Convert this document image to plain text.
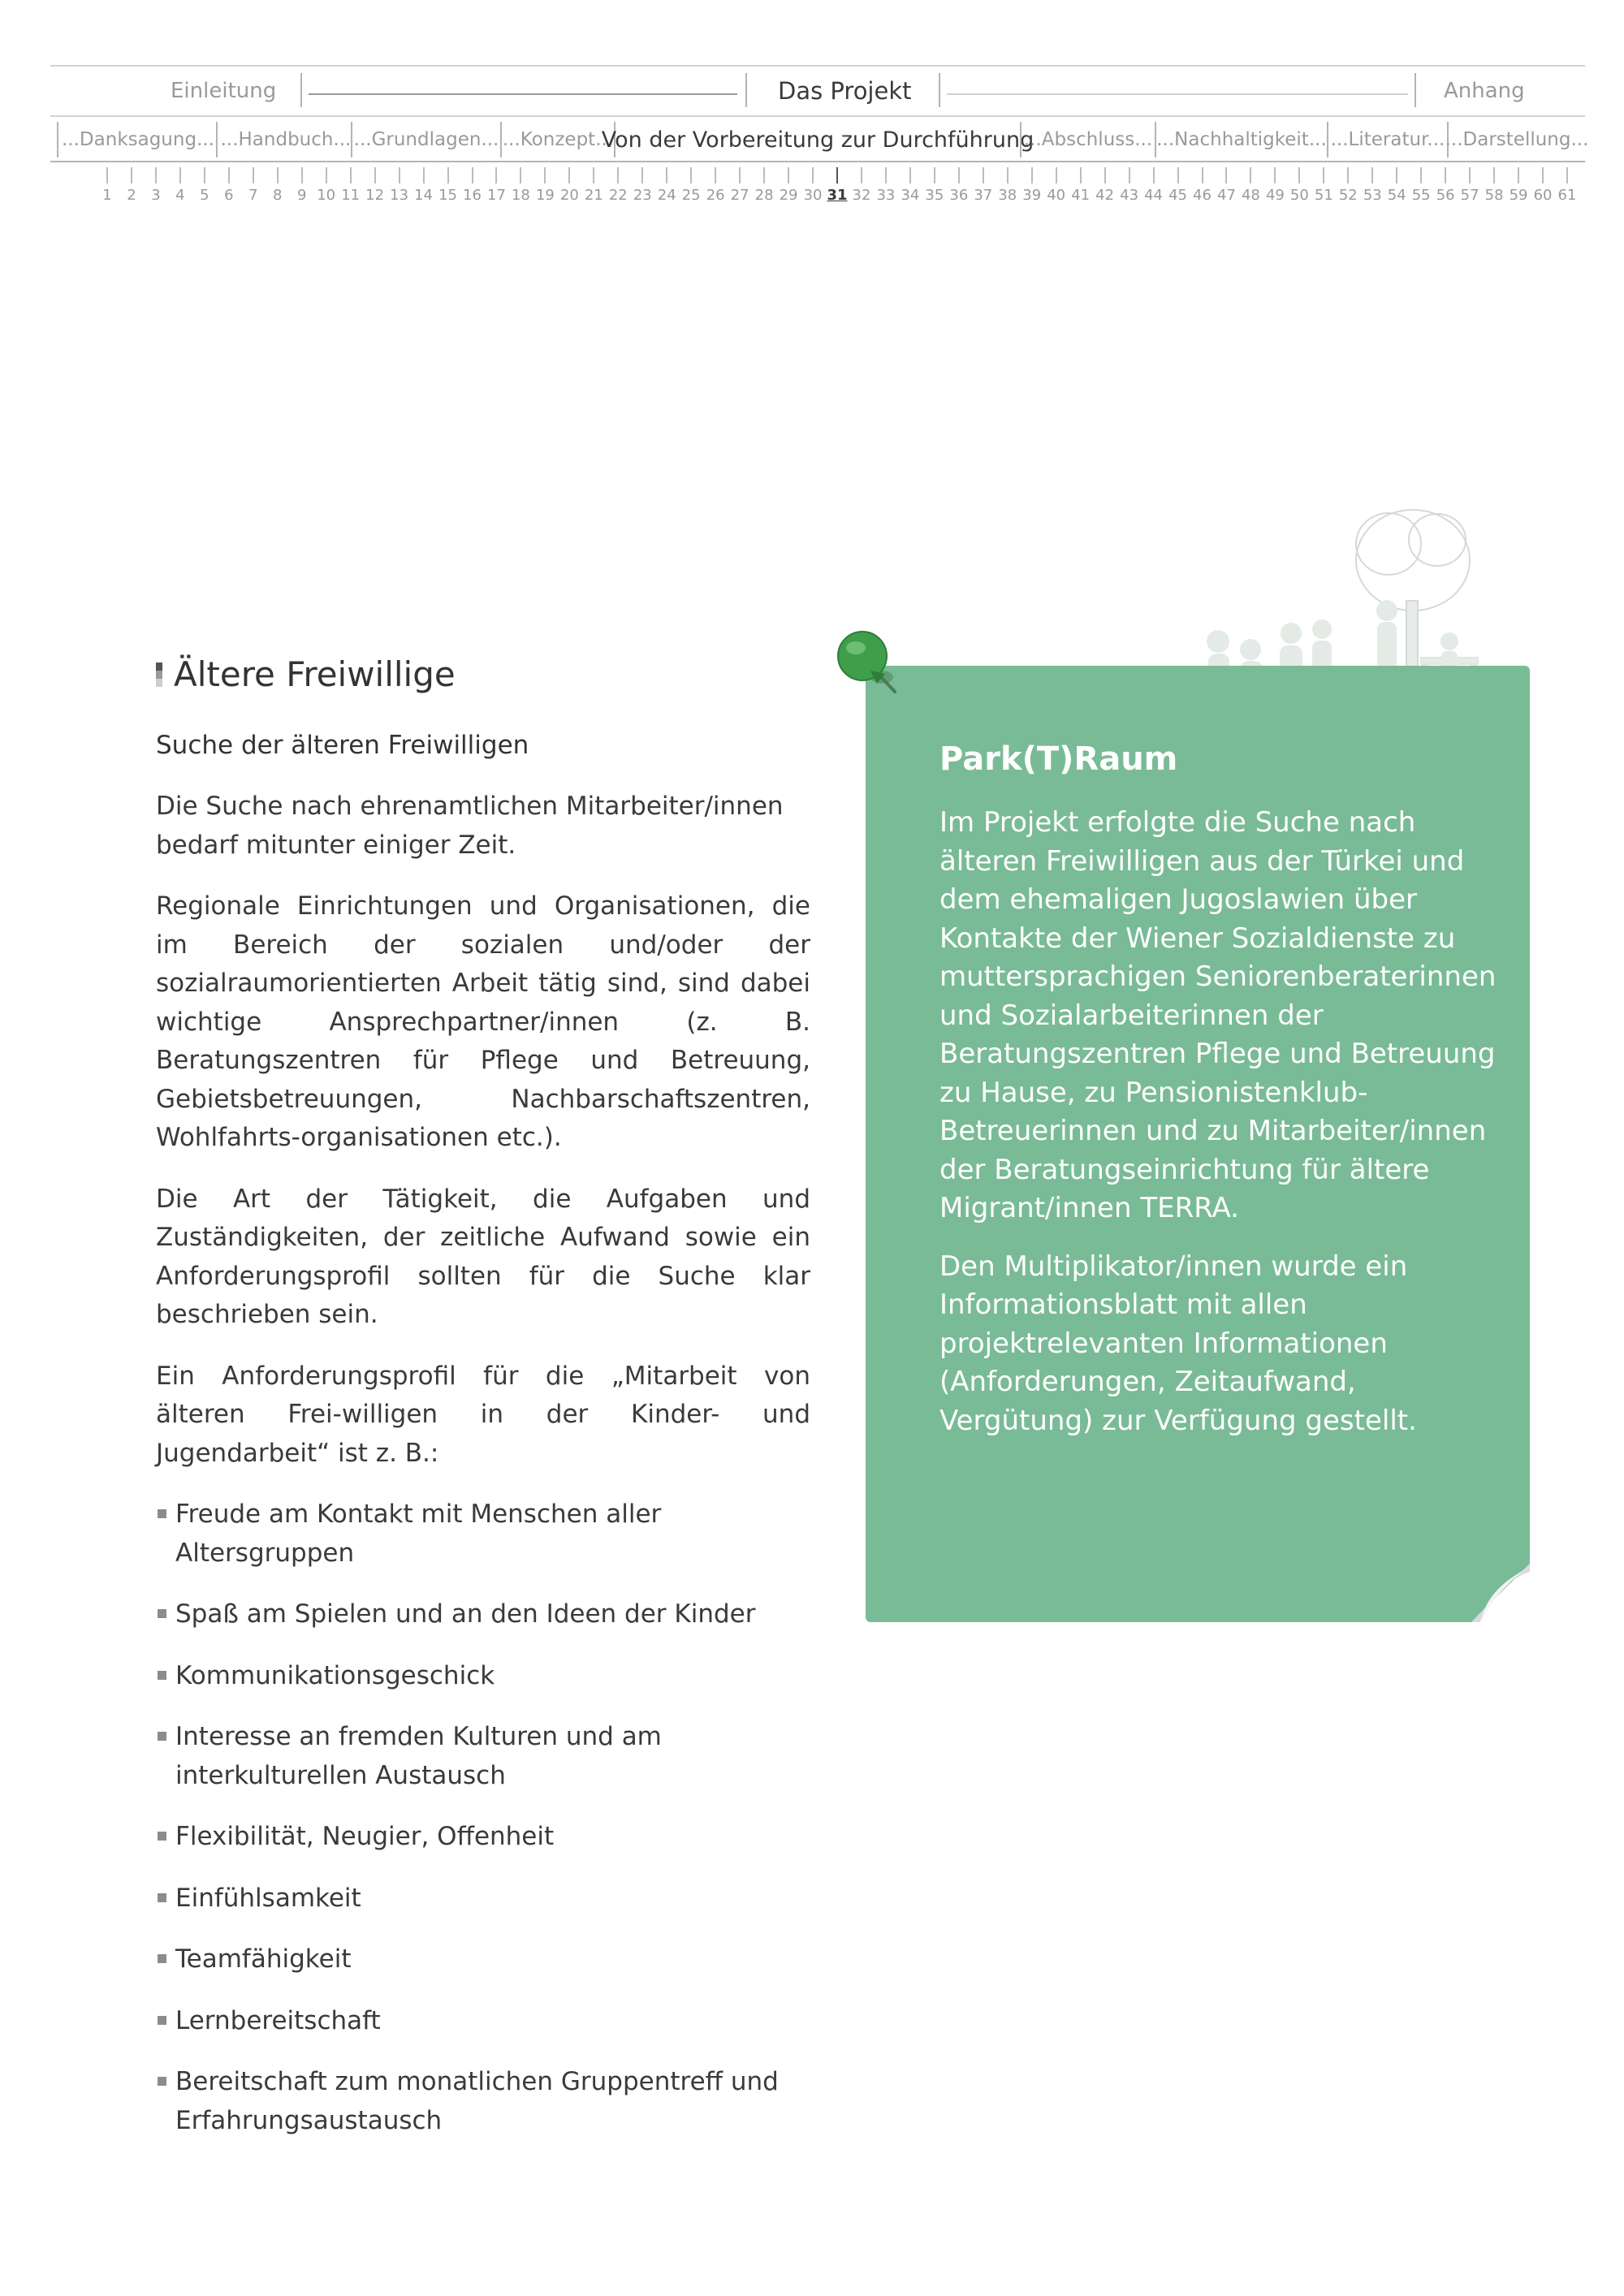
Einleitung	Das Projekt	Anhang
...Danksagung... ...Handbuch... ...Grundlagen... ...Konzept...
Von der Vorbereitung zur Durchführung
...Abschluss... ...Nachhaltigkeit... ...Literatur... ...Darstellung...
1	2	3	4	5	6	7	8	9 10 11 12 13 14 15 16 17 18 19 20 21 22 23 24 25 26 27 28 29 30 31 32 33 34 35 36 37 38 39 40 41 42 43 44 45 46 47 48 49 50 51 52 53 54 55 56 57 58 59 60 61
Ältere Freiwillige
Suche der älteren Freiwilligen

Die Suche nach ehrenamtlichen Mitarbeiter/innen bedarf mitunter einiger Zeit.

Regionale Einrichtungen und Organisationen, die im Bereich der sozialen und/oder der sozialraumorientierten Arbeit tätig sind, sind dabei wichtige Ansprechpartner/innen (z. B. Beratungszentren für Pflege und Betreuung, Gebietsbetreuungen, Nachbarschaftszentren, Wohlfahrts-organisationen etc.).

Die Art der Tätigkeit, die Aufgaben und Zuständigkeiten, der zeitliche Aufwand sowie ein Anforderungsprofil sollten für die Suche klar beschrieben sein.

Ein Anforderungsprofil für die „Mitarbeit von älteren Frei-willigen in der Kinder- und Jugendarbeit“ ist z. B.:

Freude am Kontakt mit Menschen aller Altersgruppen
Spaß am Spielen und an den Ideen der Kinder
Kommunikationsgeschick
Interesse an fremden Kulturen und am interkulturellen Austausch
Flexibilität, Neugier, Offenheit
Einfühlsamkeit
Teamfähigkeit
Lernbereitschaft
Bereitschaft zum monatlichen Gruppentreff und Erfahrungsaustausch
Park(T)Raum

Im Projekt erfolgte die Suche nach älteren Freiwilligen aus der Türkei und dem ehemaligen Jugoslawien über Kontakte der Wiener Sozialdienste zu muttersprachigen Seniorenberaterinnen und Sozialarbeiterinnen der Beratungszentren Pflege und Betreuung zu Hause, zu Pensionistenklub-Betreuerinnen und zu Mitarbeiter/innen der Beratungseinrichtung für ältere Migrant/innen TERRA.

Den Multiplikator/innen wurde ein Informationsblatt mit allen projektrelevanten Informationen (Anforderungen, Zeitaufwand, Vergütung) zur Verfügung gestellt.
